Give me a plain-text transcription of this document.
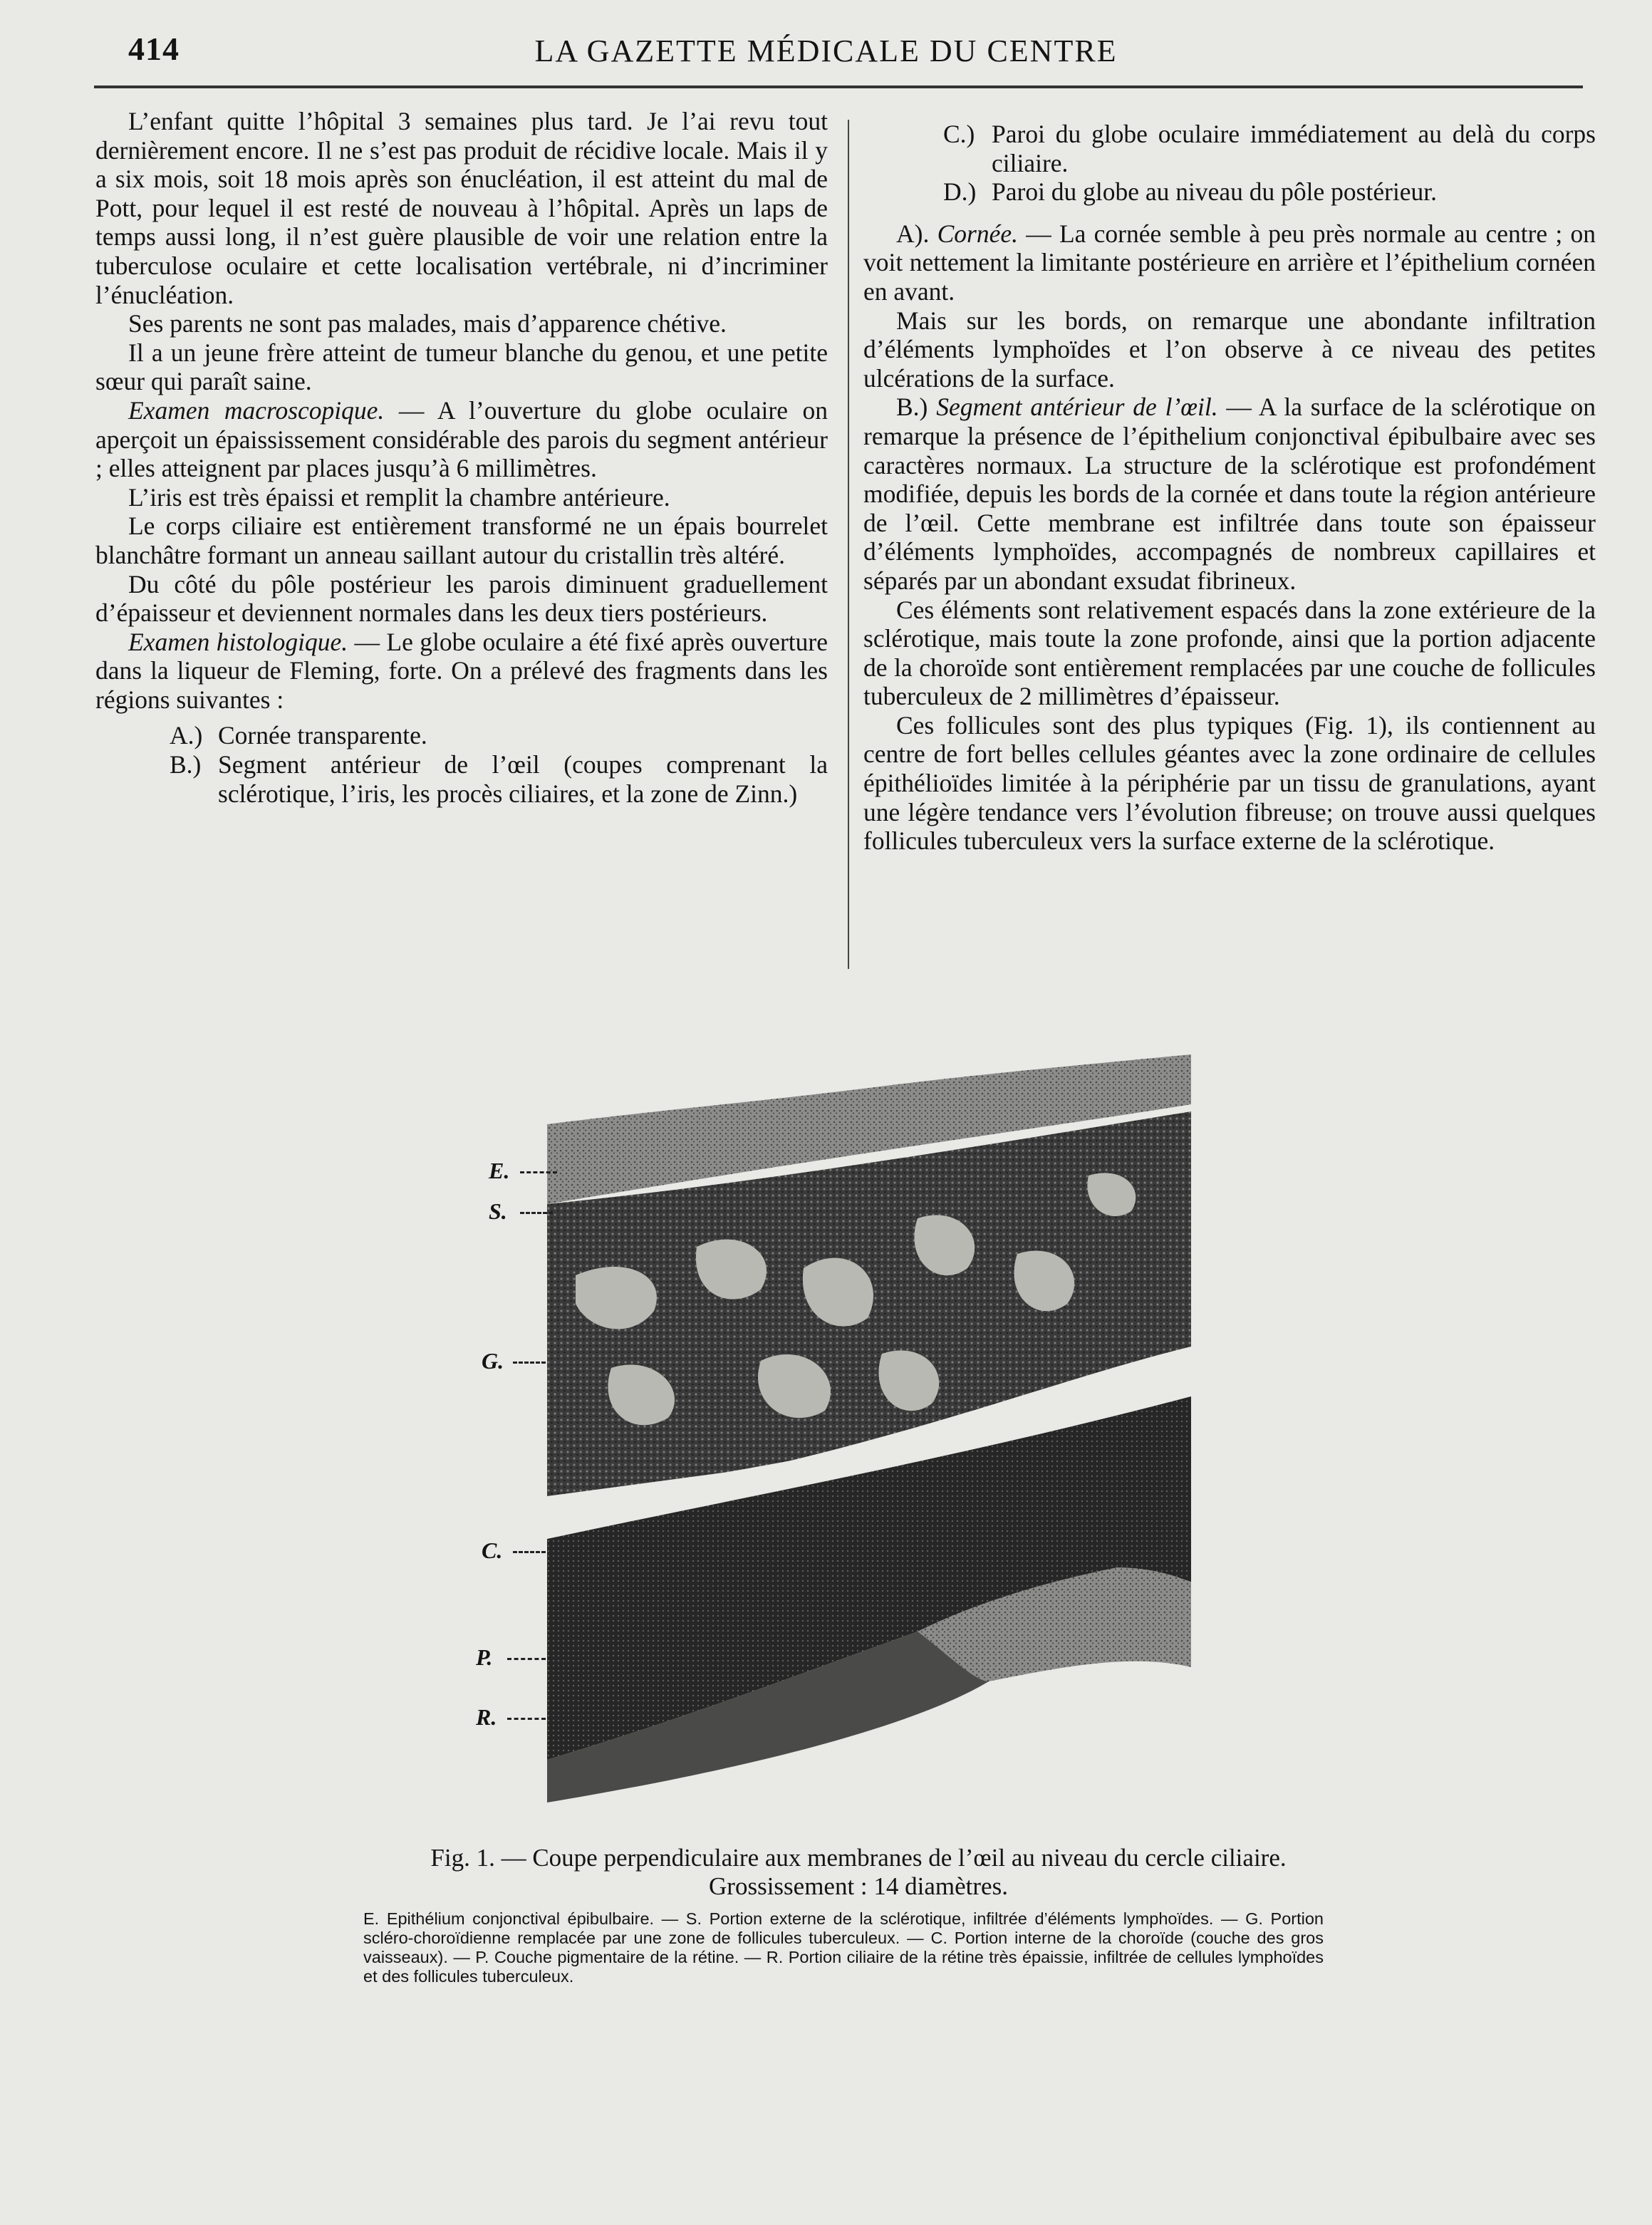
414	LA GAZETTE MÉDICALE DU CENTRE

L’enfant quitte l’hôpital 3 semaines plus tard. Je l’ai revu tout dernièrement encore. Il ne s’est pas produit de récidive locale. Mais il y a six mois, soit 18 mois après son énucléation, il est atteint du mal de Pott, pour lequel il est resté de nouveau à l’hôpital. Après un laps de temps aussi long, il n’est guère plausible de voir une relation entre la tuberculose oculaire et cette localisation vertébrale, ni d’incriminer l’énucléation.

Ses parents ne sont pas malades, mais d’apparence chétive.

Il a un jeune frère atteint de tumeur blanche du genou, et une petite sœur qui paraît saine.

Examen macroscopique. — A l’ouverture du globe oculaire on aperçoit un épaississement considérable des parois du segment antérieur ; elles atteignent par places jusqu’à 6 millimètres.

L’iris est très épaissi et remplit la chambre antérieure.

Le corps ciliaire est entièrement transformé ne un épais bourrelet blanchâtre formant un anneau saillant autour du cristallin très altéré.

Du côté du pôle postérieur les parois diminuent graduellement d’épaisseur et deviennent normales dans les deux tiers postérieurs.

Examen histologique. — Le globe oculaire a été fixé après ouverture dans la liqueur de Fleming, forte. On a prélevé des fragments dans les régions suivantes :

A.) Cornée transparente.
B.) Segment antérieur de l’œil (coupes comprenant la sclérotique, l’iris, les procès ciliaires, et la zone de Zinn.)
C.) Paroi du globe oculaire immédiatement au delà du corps ciliaire.
D.) Paroi du globe au niveau du pôle postérieur.

A). Cornée. — La cornée semble à peu près normale au centre ; on voit nettement la limitante postérieure en arrière et l’épithelium cornéen en avant.

Mais sur les bords, on remarque une abondante infiltration d’éléments lymphoïdes et l’on observe à ce niveau des petites ulcérations de la surface.

B.) Segment antérieur de l’œil. — A la surface de la sclérotique on remarque la présence de l’épithelium conjonctival épibulbaire avec ses caractères normaux. La structure de la sclérotique est profondément modifiée, depuis les bords de la cornée et dans toute la région antérieure de l’œil. Cette membrane est infiltrée dans toute son épaisseur d’éléments lymphoïdes, accompagnés de nombreux capillaires et séparés par un abondant exsudat fibrineux.

Ces éléments sont relativement espacés dans la zone extérieure de la sclérotique, mais toute la zone profonde, ainsi que la portion adjacente de la choroïde sont entièrement remplacées par une couche de follicules tuberculeux de 2 millimètres d’épaisseur.

Ces follicules sont des plus typiques (Fig. 1), ils contiennent au centre de fort belles cellules géantes avec la zone ordinaire de cellules épithélioïdes limitée à la périphérie par un tissu de granulations, ayant une légère tendance vers l’évolution fibreuse; on trouve aussi quelques follicules tuberculeux vers la surface externe de la sclérotique.

E.
S.
G.
C.
P.
R.
Fig. 1. — Coupe perpendiculaire aux membranes de l’œil au niveau du cercle ciliaire. Grossissement : 14 diamètres.
E. Epithélium conjonctival épibulbaire. — S. Portion externe de la sclérotique, infiltrée d’éléments lymphoïdes. — G. Portion scléro-choroïdienne remplacée par une zone de follicules tuberculeux. — C. Portion interne de la choroïde (couche des gros vaisseaux). — P. Couche pigmentaire de la rétine. — R. Portion ciliaire de la rétine très épaissie, infiltrée de cellules lymphoïdes et des follicules tuberculeux.
